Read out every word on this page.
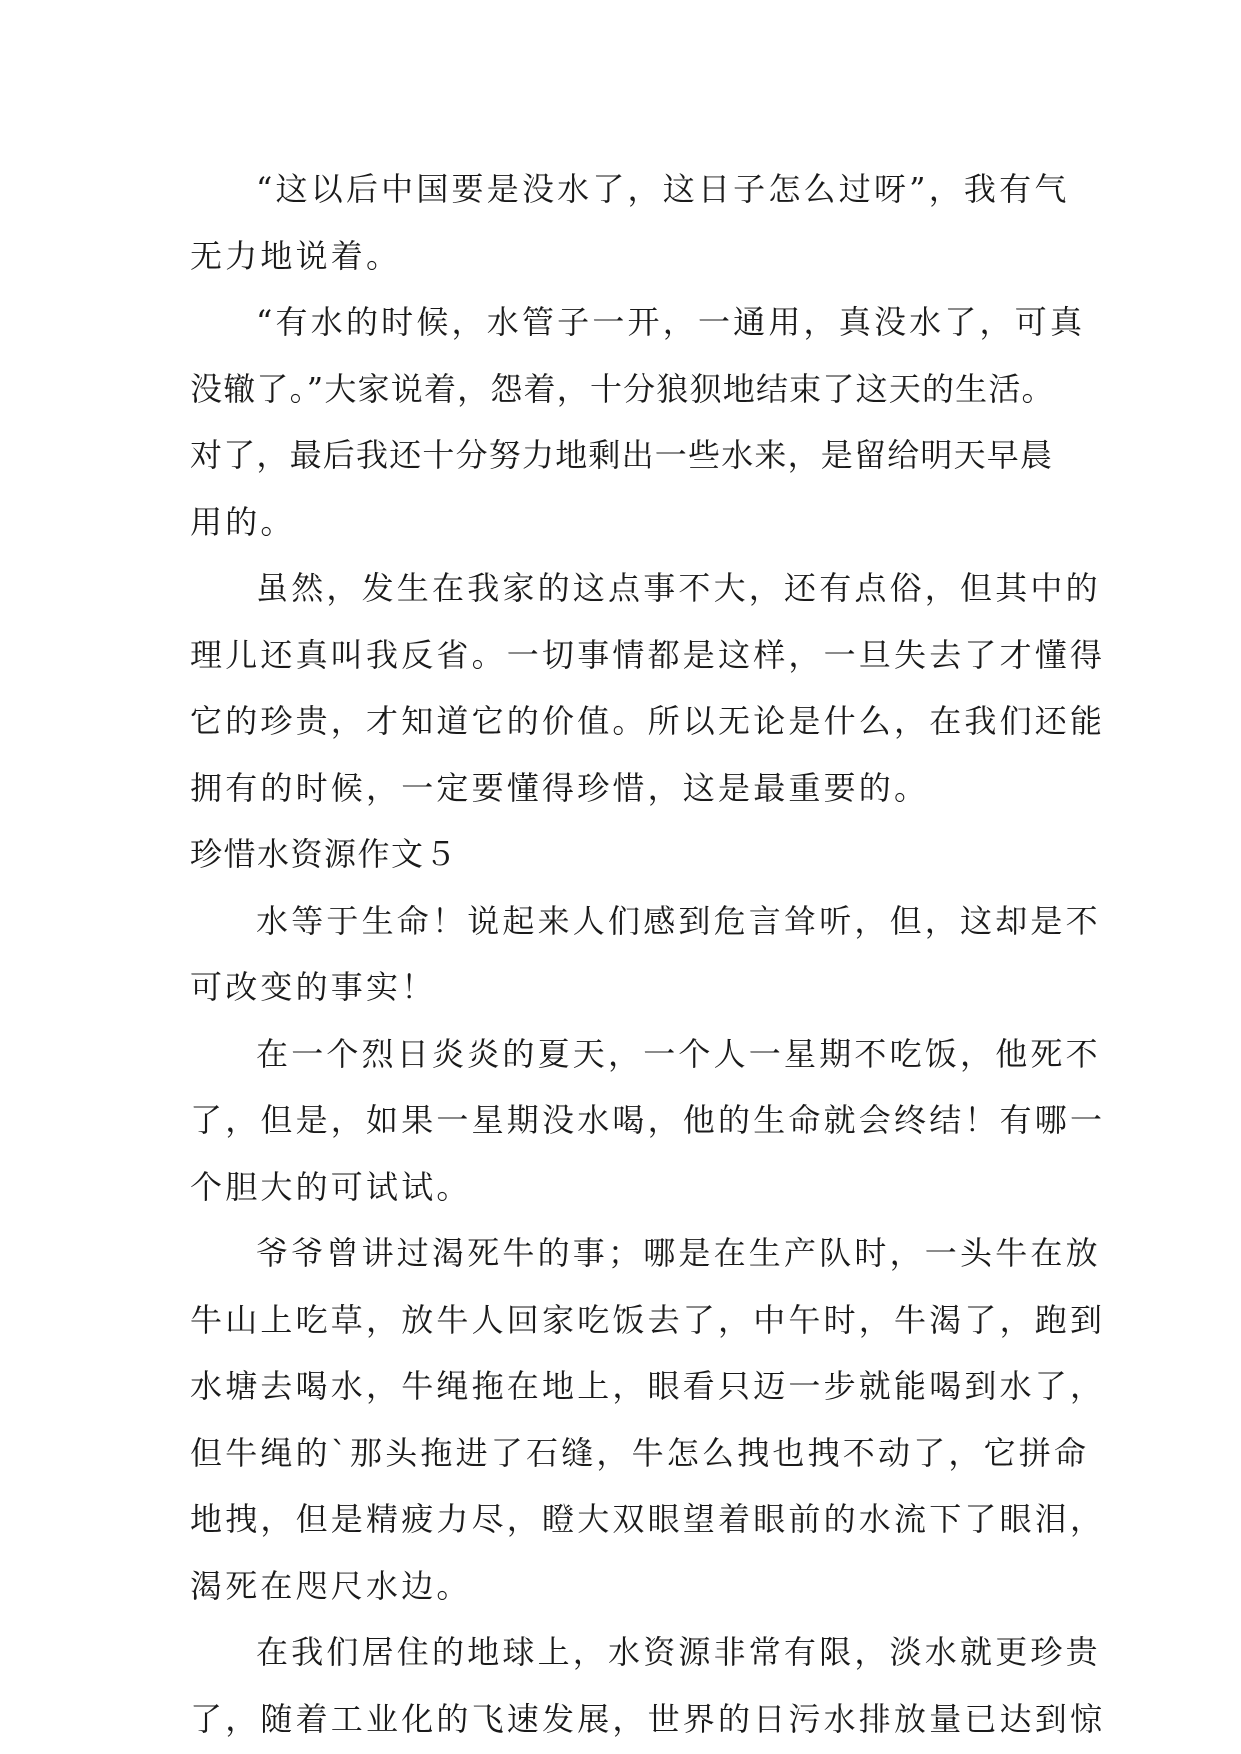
“这以后中国要是没水了，这日子怎么过呀”，我有气
无力地说着。
“有水的时候，水管子一开，一通用，真没水了，可真
没辙了。”大家说着，怨着，十分狼狈地结束了这天的生活。
对了，最后我还十分努力地剩出一些水来，是留给明天早晨
用的。
虽然，发生在我家的这点事不大，还有点俗，但其中的
理儿还真叫我反省。一切事情都是这样，一旦失去了才懂得
它的珍贵，才知道它的价值。所以无论是什么，在我们还能
拥有的时候，一定要懂得珍惜，这是最重要的。
珍惜水资源作文５
水等于生命！说起来人们感到危言耸听，但，这却是不
可改变的事实！
在一个烈日炎炎的夏天，一个人一星期不吃饭，他死不
了，但是，如果一星期没水喝，他的生命就会终结！有哪一
个胆大的可试试。
爷爷曾讲过渴死牛的事；哪是在生产队时，一头牛在放
牛山上吃草，放牛人回家吃饭去了，中午时，牛渴了，跑到
水塘去喝水，牛绳拖在地上，眼看只迈一步就能喝到水了，
但牛绳的`那头拖进了石缝，牛怎么拽也拽不动了，它拼命
地拽，但是精疲力尽，瞪大双眼望着眼前的水流下了眼泪，
渴死在咫尺水边。
在我们居住的地球上，水资源非常有限，淡水就更珍贵
了，随着工业化的飞速发展，世界的日污水排放量已达到惊
